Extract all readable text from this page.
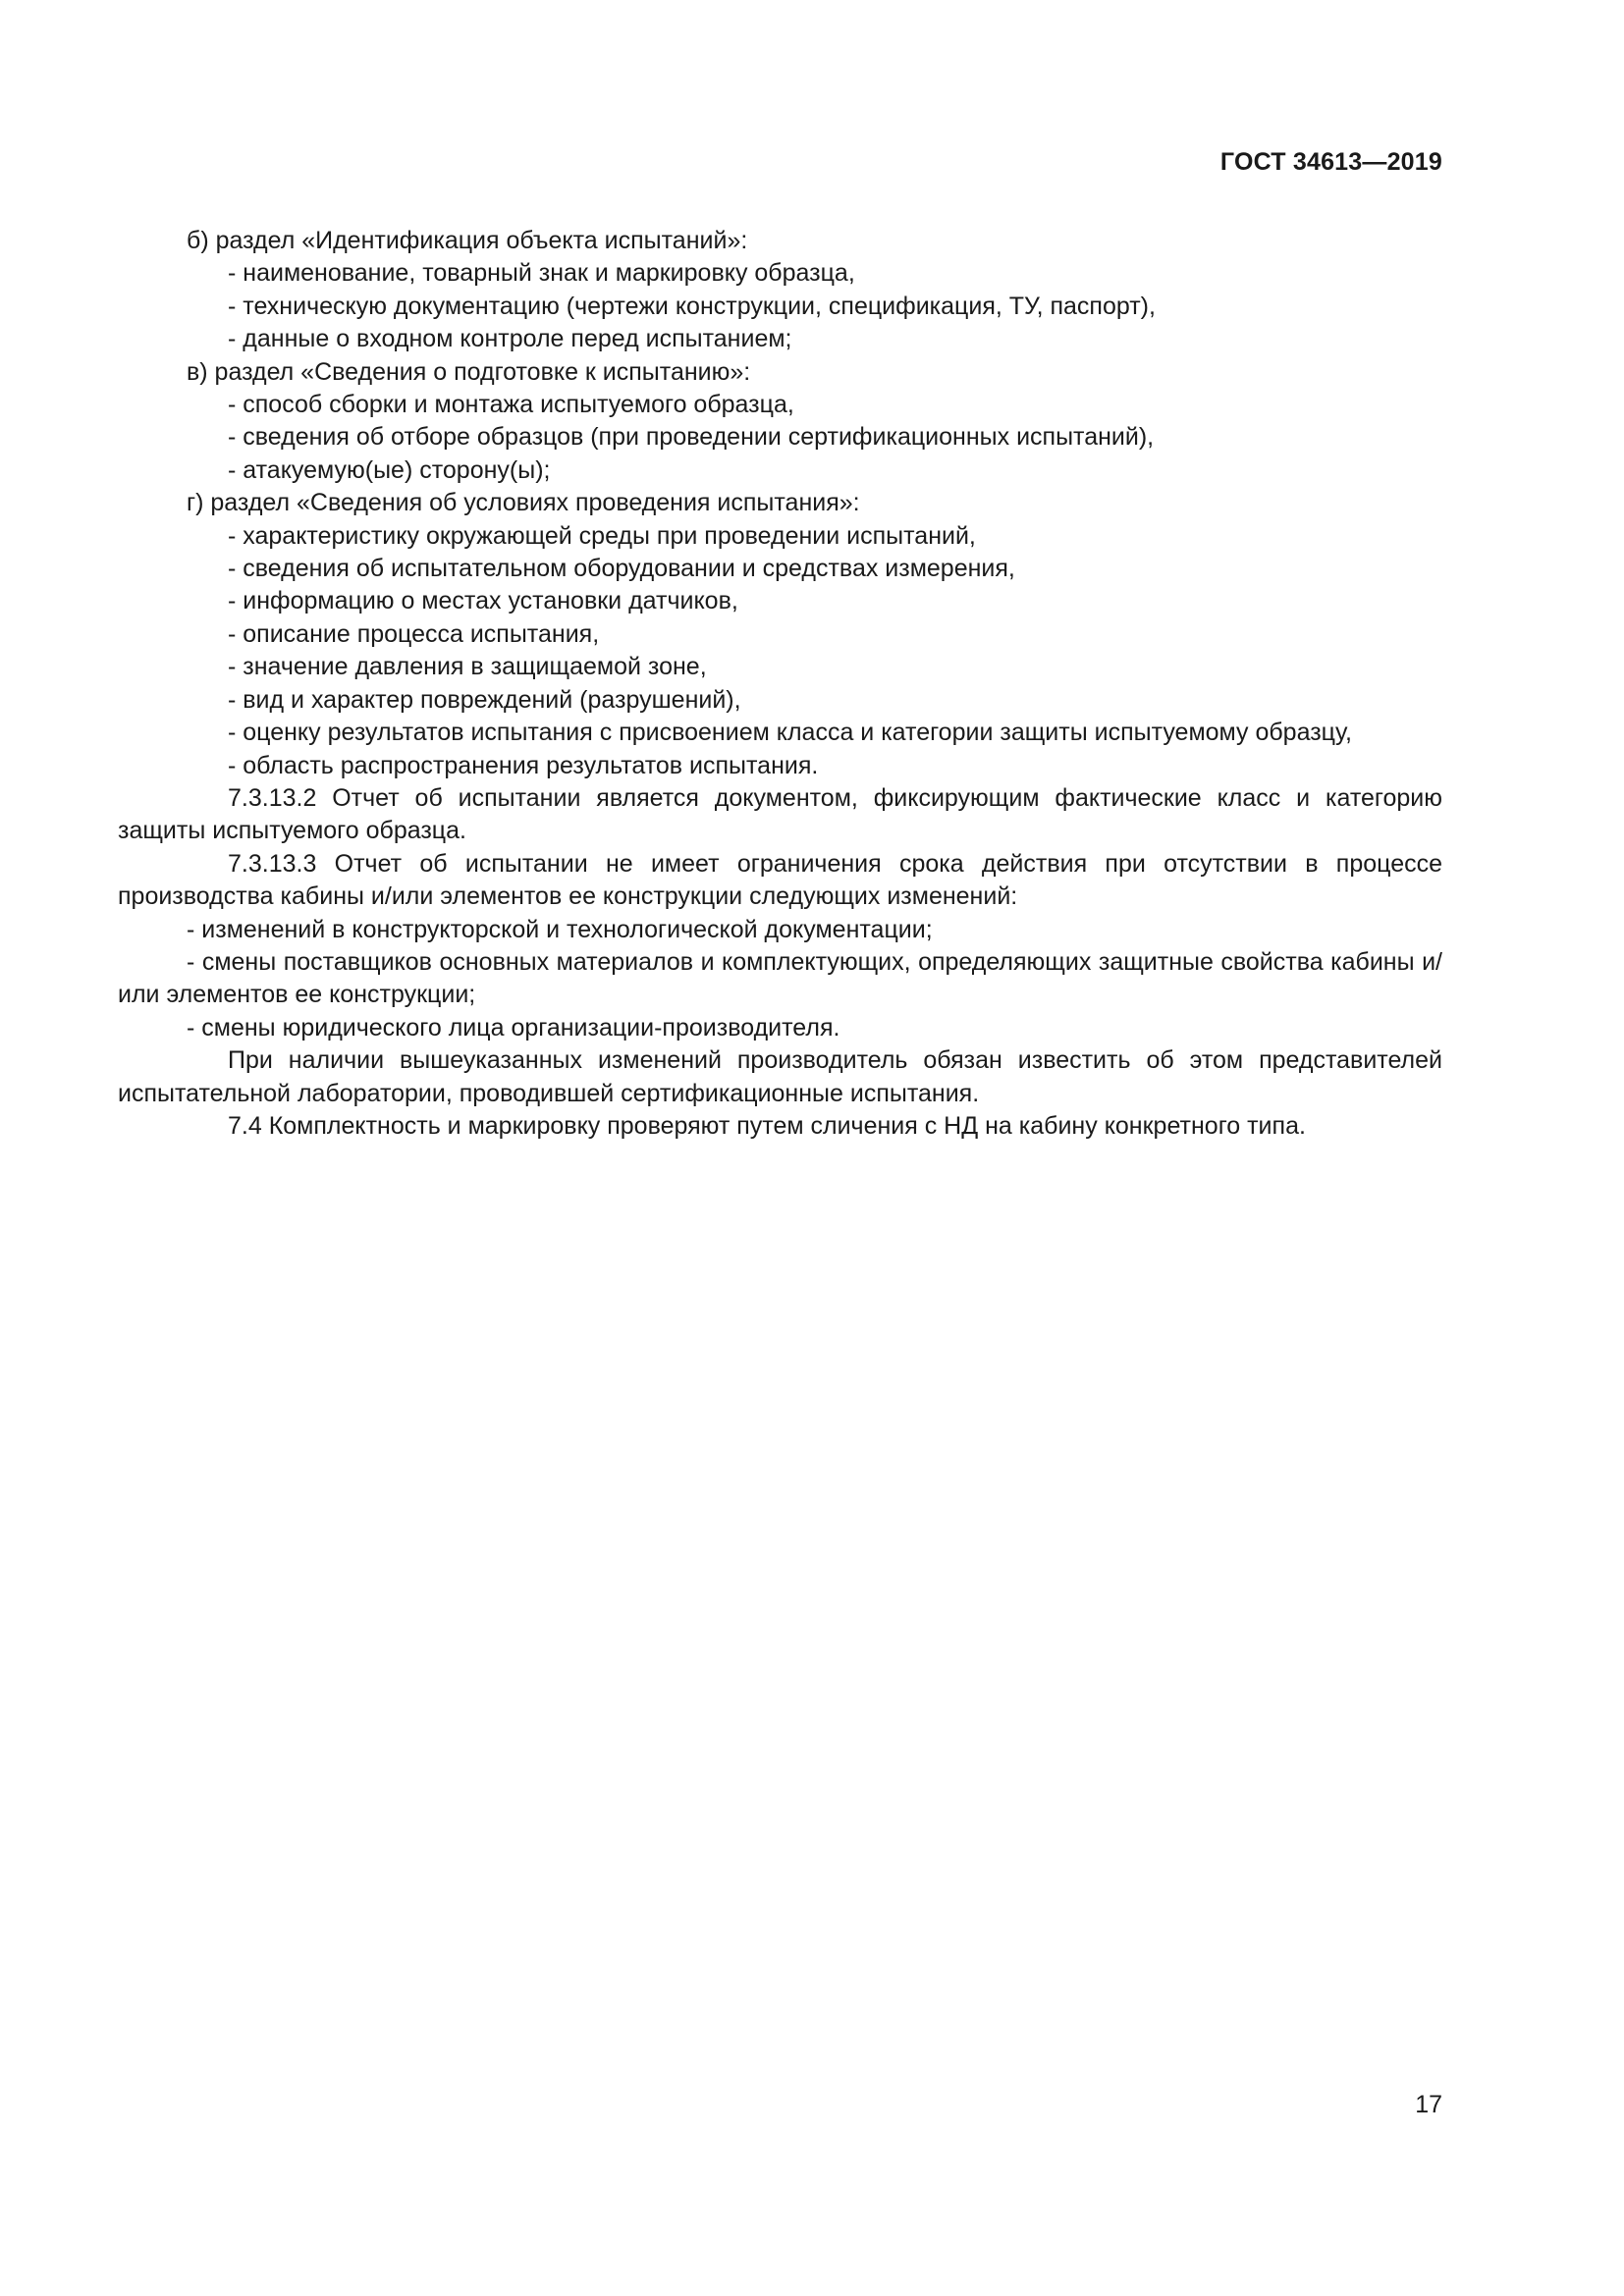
ГОСТ 34613—2019

б) раздел «Идентификация объекта испытаний»:

- наименование, товарный знак и маркировку образца,

- техническую документацию (чертежи конструкции, спецификация, ТУ, паспорт),

- данные о входном контроле перед испытанием;

в) раздел «Сведения о подготовке к испытанию»:

- способ сборки и монтажа испытуемого образца,

- сведения об отборе образцов (при проведении сертификационных испытаний),

- атакуемую(ые) сторону(ы);

г) раздел «Сведения об условиях проведения испытания»:

- характеристику окружающей среды при проведении испытаний,

- сведения об испытательном оборудовании и средствах измерения,

- информацию о местах установки датчиков,

- описание процесса испытания,

- значение давления в защищаемой зоне,

- вид и характер повреждений (разрушений),

- оценку результатов испытания с присвоением класса и категории защиты испытуемому образцу,

- область распространения результатов испытания.

7.3.13.2 Отчет об испытании является документом, фиксирующим фактические класс и категорию защиты испытуемого образца.

7.3.13.3 Отчет об испытании не имеет ограничения срока действия при отсутствии в процессе производства кабины и/или элементов ее конструкции следующих изменений:

- изменений в конструкторской и технологической документации;

- смены поставщиков основных материалов и комплектующих, определяющих защитные свойства кабины и/или элементов ее конструкции;

- смены юридического лица организации-производителя.

При наличии вышеуказанных изменений производитель обязан известить об этом представителей испытательной лаборатории, проводившей сертификационные испытания.

7.4 Комплектность и маркировку проверяют путем сличения с НД на кабину конкретного типа.

17
